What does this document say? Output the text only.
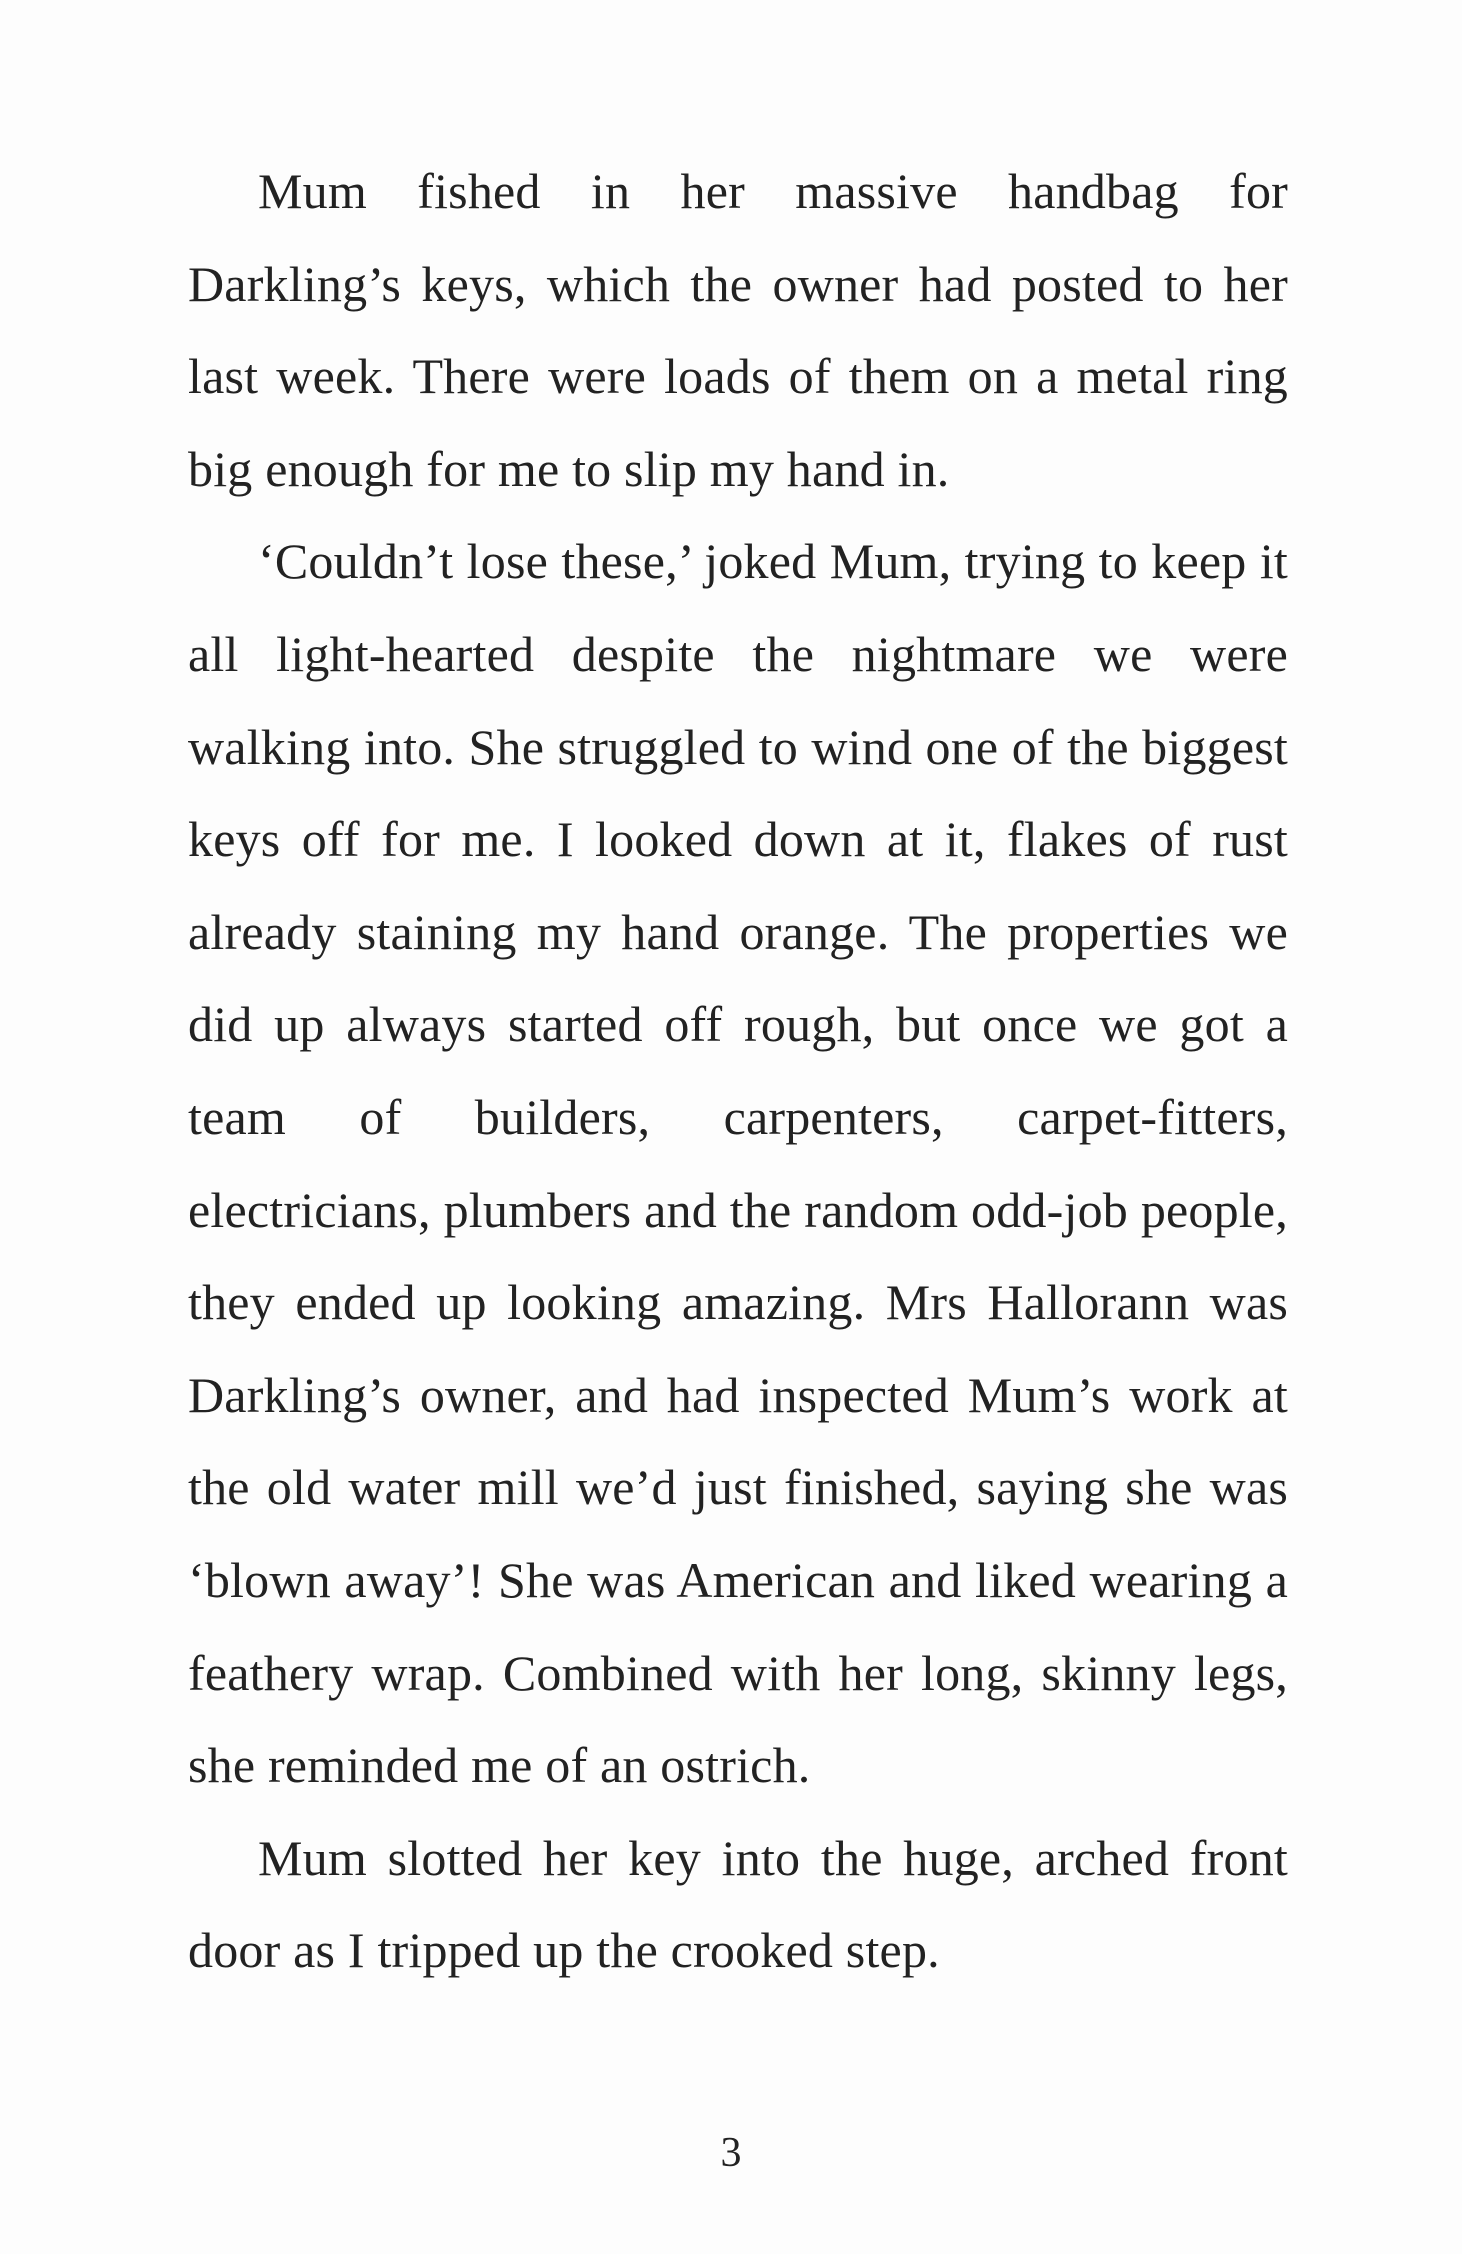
Mum fished in her massive handbag for Darkling’s keys, which the owner had posted to her last week. There were loads of them on a metal ring big enough for me to slip my hand in.

‘Couldn’t lose these,’ joked Mum, trying to keep it all light-hearted despite the nightmare we were walking into. She struggled to wind one of the biggest keys off for me. I looked down at it, flakes of rust already staining my hand orange. The properties we did up always started off rough, but once we got a team of builders, carpenters, carpet-fitters, electricians, plumbers and the random odd-job people, they ended up looking amazing. Mrs Hallorann was Darkling’s owner, and had inspected Mum’s work at the old water mill we’d just finished, saying she was ‘blown away’! She was American and liked wearing a feathery wrap. Combined with her long, skinny legs, she reminded me of an ostrich.

Mum slotted her key into the huge, arched front door as I tripped up the crooked step.

3
